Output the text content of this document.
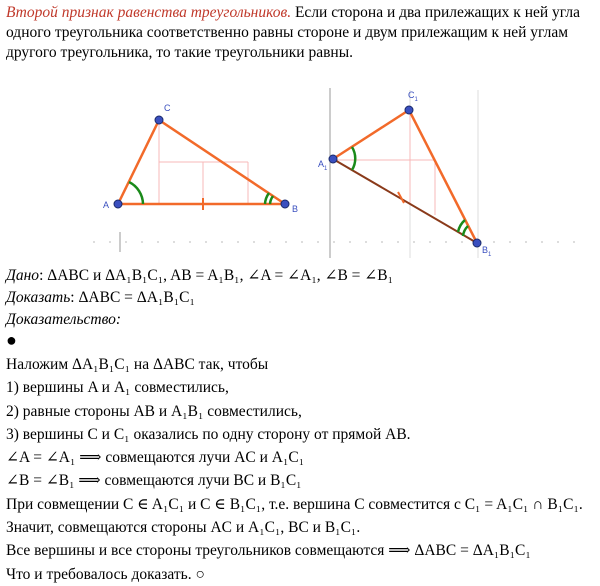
Второй признак равенства треугольников. Если сторона и два прилежащих к ней угла одного треугольника соответственно равны стороне и двум прилежащим к ней углам другого треугольника, то такие треугольники равны.
A	B
C
$A_1$
$B_1$
$C_1$
Дано: ΔABC и ΔA₁B₁C₁, AB = A₁B₁, ∠A = ∠A₁, ∠B = ∠B₁
Доказать: ΔABC = ΔA₁B₁C₁
Доказательство:
●
Наложим ΔA₁B₁C₁ на ΔABC так, чтобы
1) вершины A и A₁ совместились,
2) равные стороны AB и A₁B₁ совместились,
3) вершины C и C₁ оказались по одну сторону от прямой AB.
∠A = ∠A₁ ⟹ совмещаются лучи AC и A₁C₁
∠B = ∠B₁ ⟹ совмещаются лучи BC и B₁C₁
При совмещении C ∈ A₁C₁ и C ∈ B₁C₁, т.е. вершина C совместится с C₁ = A₁C₁ ∩ B₁C₁.
Значит, совмещаются стороны AC и A₁C₁, BC и B₁C₁.
Все вершины и все стороны треугольников совмещаются ⟹ ΔABC = ΔA₁B₁C₁
Что и требовалось доказать. ○
